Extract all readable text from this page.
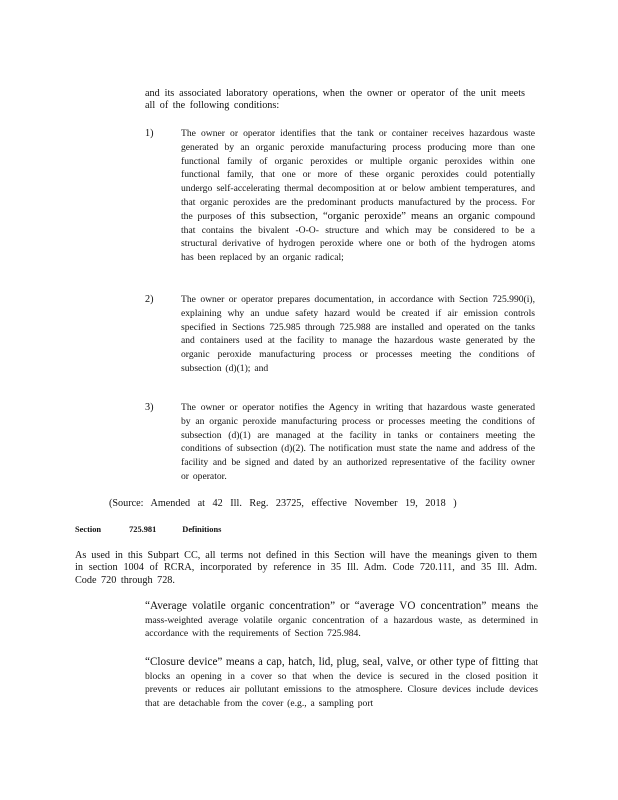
and its associated laboratory operations, when the owner or operator of the unit meets all of the following conditions:
1)	The owner or operator identifies that the tank or container receives hazardous waste generated by an organic peroxide manufacturing process producing more than one functional family of organic peroxides or multiple organic peroxides within one functional family, that one or more of these organic peroxides could potentially undergo self-accelerating thermal decomposition at or below ambient temperatures, and that organic peroxides are the predominant products manufactured by the process. For the purposes of this subsection, “organic peroxide” means an organic compound that contains the bivalent -O-O- structure and which may be considered to be a structural derivative of hydrogen peroxide where one or both of the hydrogen atoms has been replaced by an organic radical;
2)	The owner or operator prepares documentation, in accordance with Section 725.990(i), explaining why an undue safety hazard would be created if air emission controls specified in Sections 725.985 through 725.988 are installed and operated on the tanks and containers used at the facility to manage the hazardous waste generated by the organic peroxide manufacturing process or processes meeting the conditions of subsection (d)(1); and
3)	The owner or operator notifies the Agency in writing that hazardous waste generated by an organic peroxide manufacturing process or processes meeting the conditions of subsection (d)(1) are managed at the facility in tanks or containers meeting the conditions of subsection (d)(2). The notification must state the name and address of the facility and be signed and dated by an authorized representative of the facility owner or operator.
(Source: Amended at 42 Ill. Reg. 23725, effective November 19, 2018 )
Section	725.981	Definitions
As used in this Subpart CC, all terms not defined in this Section will have the meanings given to them in section 1004 of RCRA, incorporated by reference in 35 Ill. Adm. Code 720.111, and 35 Ill. Adm. Code 720 through 728.
“Average volatile organic concentration” or “average VO concentration” means the mass-weighted average volatile organic concentration of a hazardous waste, as determined in accordance with the requirements of Section 725.984.
“Closure device” means a cap, hatch, lid, plug, seal, valve, or other type of fitting that blocks an opening in a cover so that when the device is secured in the closed position it prevents or reduces air pollutant emissions to the atmosphere. Closure devices include devices that are detachable from the cover (e.g., a sampling port
